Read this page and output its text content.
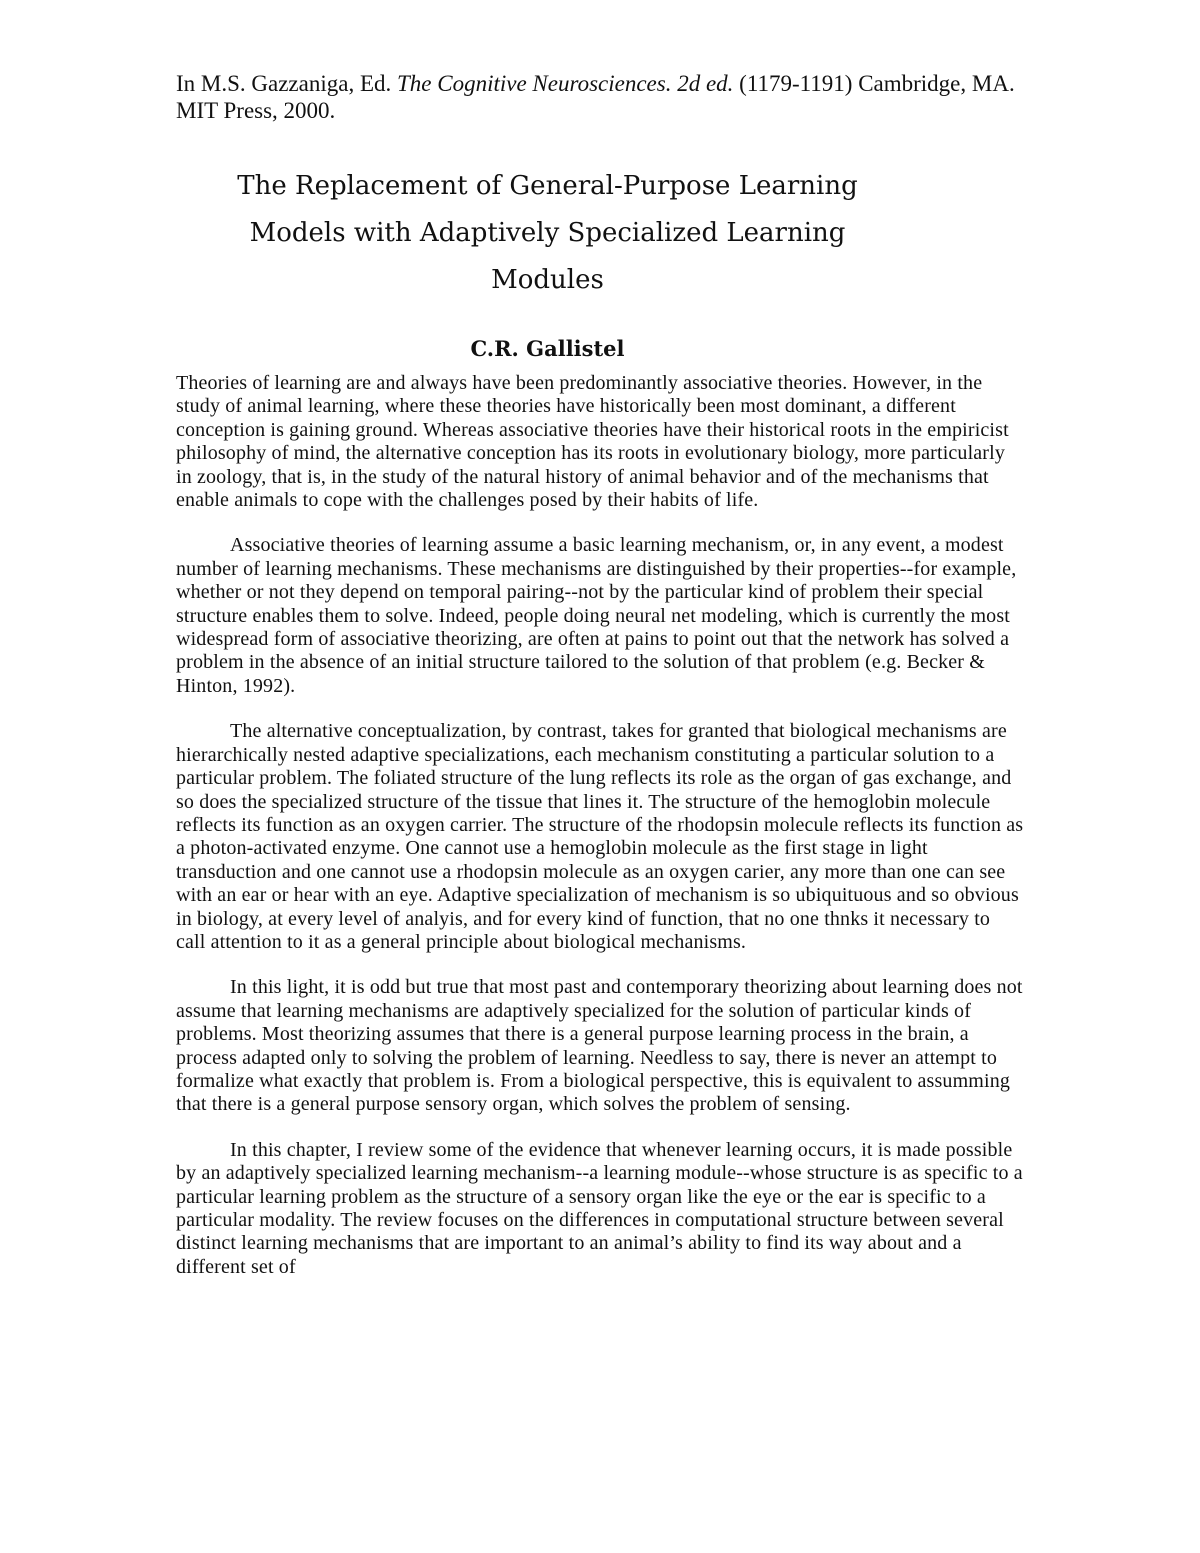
In M.S. Gazzaniga, Ed. The Cognitive Neurosciences. 2d ed. (1179-1191) Cambridge, MA. MIT Press, 2000.

The Replacement of General-Purpose Learning
Models with Adaptively Specialized Learning
Modules

C.R. Gallistel

Theories of learning are and always have been predominantly associative theories. However, in the study of animal learning, where these theories have historically been most dominant, a different conception is gaining ground. Whereas associative theories have their historical roots in the empiricist philosophy of mind, the alternative conception has its roots in evolutionary biology, more particularly in zoology, that is, in the study of the natural history of animal behavior and of the mechanisms that enable animals to cope with the challenges posed by their habits of life.

Associative theories of learning assume a basic learning mechanism, or, in any event, a modest number of learning mechanisms. These mechanisms are distinguished by their properties--for example, whether or not they depend on temporal pairing--not by the particular kind of problem their special structure enables them to solve. Indeed, people doing neural net modeling, which is currently the most widespread form of associative theorizing, are often at pains to point out that the network has solved a problem in the absence of an initial structure tailored to the solution of that problem (e.g. Becker & Hinton, 1992).

The alternative conceptualization, by contrast, takes for granted that biological mechanisms are hierarchically nested adaptive specializations, each mechanism constituting a particular solution to a particular problem. The foliated structure of the lung reflects its role as the organ of gas exchange, and so does the specialized structure of the tissue that lines it. The structure of the hemoglobin molecule reflects its function as an oxygen carrier. The structure of the rhodopsin molecule reflects its function as a photon-activated enzyme. One cannot use a hemoglobin molecule as the first stage in light transduction and one cannot use a rhodopsin molecule as an oxygen carier, any more than one can see with an ear or hear with an eye. Adaptive specialization of mechanism is so ubiquituous and so obvious in biology, at every level of analyis, and for every kind of function, that no one thnks it necessary to call attention to it as a general principle about biological mechanisms.

In this light, it is odd but true that most past and contemporary theorizing about learning does not assume that learning mechanisms are adaptively specialized for the solution of particular kinds of problems. Most theorizing assumes that there is a general purpose learning process in the brain, a process adapted only to solving the problem of learning. Needless to say, there is never an attempt to formalize what exactly that problem is. From a biological perspective, this is equivalent to assumming that there is a general purpose sensory organ, which solves the problem of sensing.

In this chapter, I review some of the evidence that whenever learning occurs, it is made possible by an adaptively specialized learning mechanism--a learning module--whose structure is as specific to a particular learning problem as the structure of a sensory organ like the eye or the ear is specific to a particular modality. The review focuses on the differences in computational structure between several distinct learning mechanisms that are important to an animal’s ability to find its way about and a different set of
